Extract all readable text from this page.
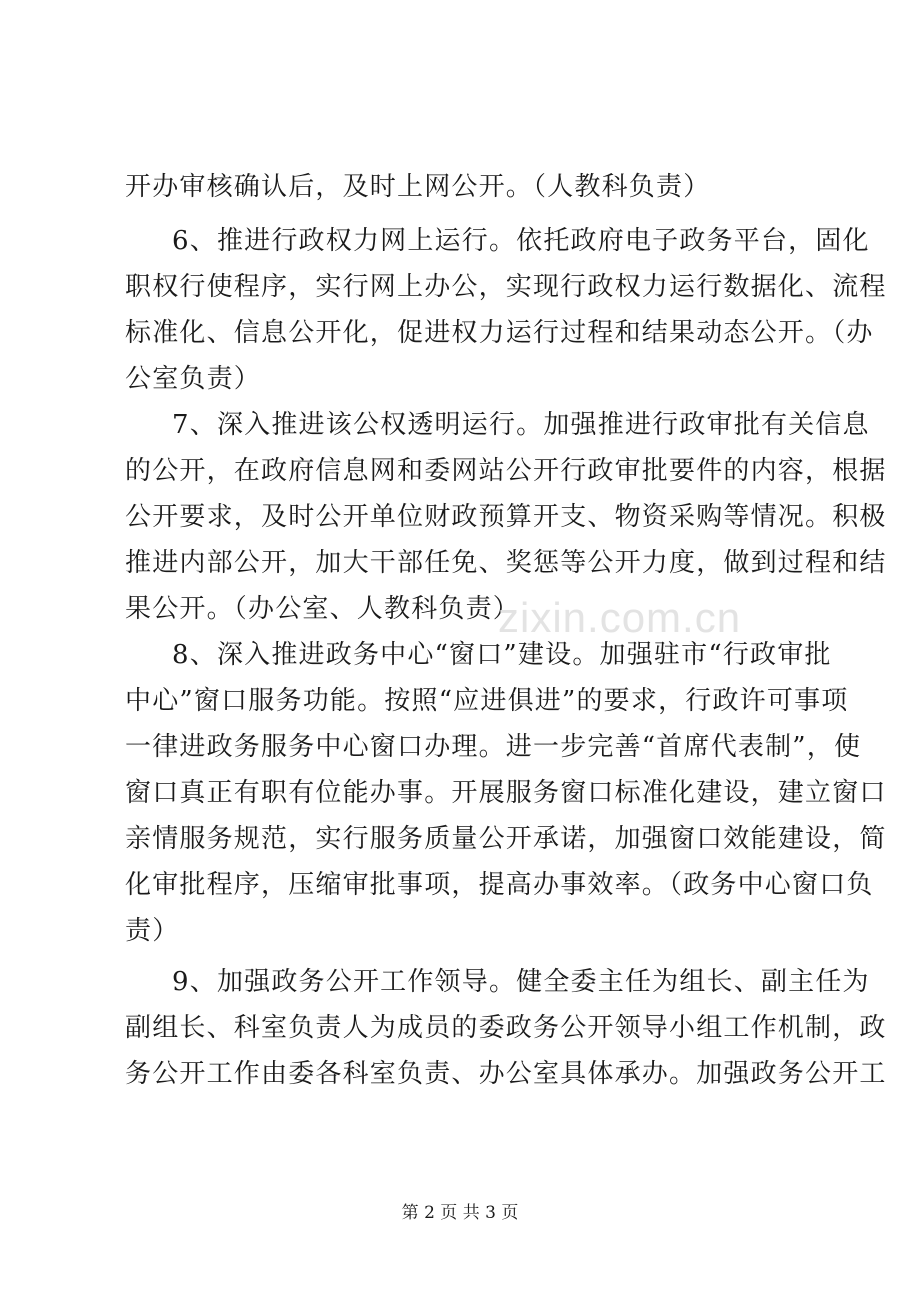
开办审核确认后，及时上网公开。（人教科负责）
6、推进行政权力网上运行。依托政府电子政务平台，固化
职权行使程序，实行网上办公，实现行政权力运行数据化、流程
标准化、信息公开化，促进权力运行过程和结果动态公开。（办
公室负责）
7、深入推进该公权透明运行。加强推进行政审批有关信息
的公开，在政府信息网和委网站公开行政审批要件的内容，根据
公开要求，及时公开单位财政预算开支、物资采购等情况。积极
推进内部公开，加大干部任免、奖惩等公开力度，做到过程和结
果公开。（办公室、人教科负责）
8、深入推进政务中心“窗口”建设。加强驻市“行政审批
中心”窗口服务功能。按照“应进俱进”的要求，行政许可事项
一律进政务服务中心窗口办理。进一步完善“首席代表制”，使
窗口真正有职有位能办事。开展服务窗口标准化建设，建立窗口
亲情服务规范，实行服务质量公开承诺，加强窗口效能建设，简
化审批程序，压缩审批事项，提高办事效率。（政务中心窗口负
责）
9、加强政务公开工作领导。健全委主任为组长、副主任为
副组长、科室负责人为成员的委政务公开领导小组工作机制，政
务公开工作由委各科室负责、办公室具体承办。加强政务公开工
zixin.com.cn
第 2 页 共 3 页
